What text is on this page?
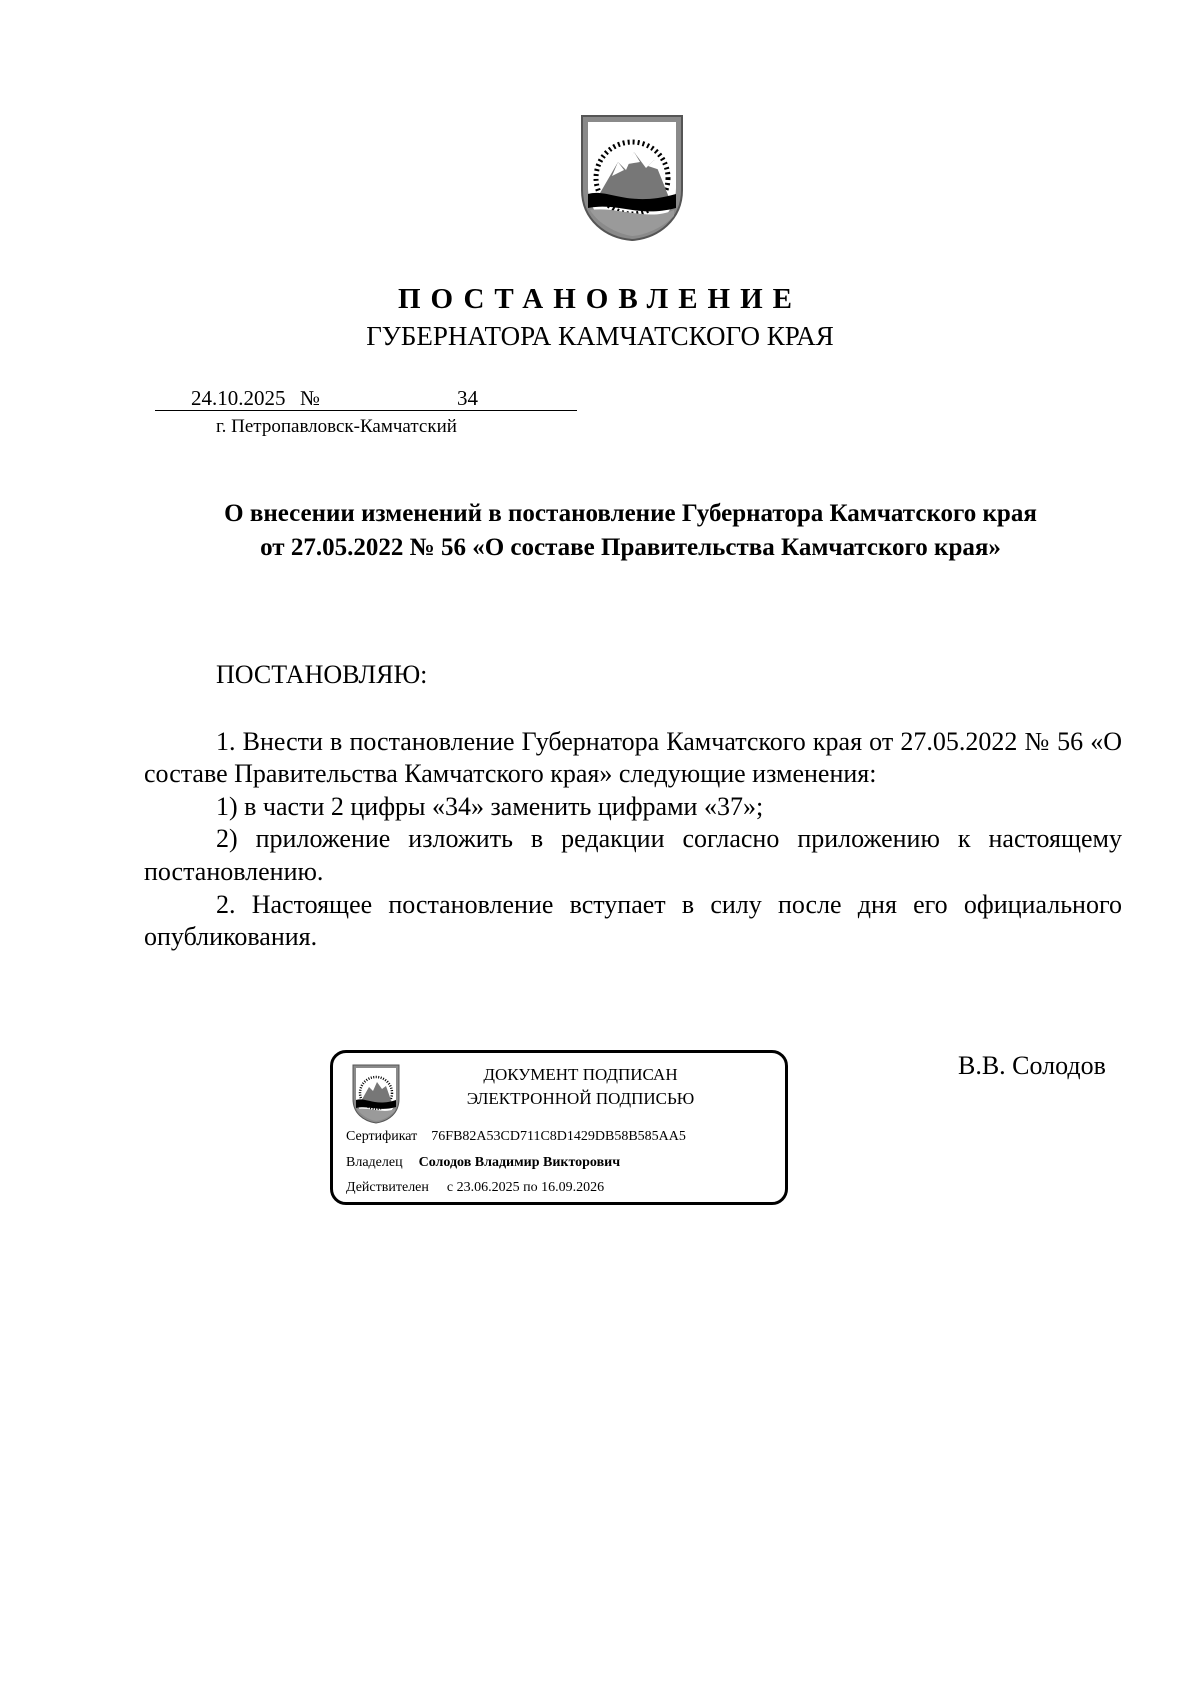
ПОСТАНОВЛЕНИЕ
ГУБЕРНАТОРА КАМЧАТСКОГО КРАЯ
24.10.2025 №	34
г. Петропавловск-Камчатский
О внесении изменений в постановление Губернатора Камчатского края
от 27.05.2022 № 56 «О составе Правительства Камчатского края»

ПОСТАНОВЛЯЮ:

1. Внести в постановление Губернатора Камчатского края от 27.05.2022 № 56 «О составе Правительства Камчатского края» следующие изменения:

1) в части 2 цифры «34» заменить цифрами «37»;

2) приложение изложить в редакции согласно приложению к настоящему постановлению.

2. Настоящее постановление вступает в силу после дня его официального опубликования.

ДОКУМЕНТ ПОДПИСАН
ЭЛЕКТРОННОЙ ПОДПИСЬЮ
Сертификат 76FB82A53CD711C8D1429DB58B585AA5
Владелец Солодов Владимир Викторович
Действителен с 23.06.2025 по 16.09.2026
В.В. Солодов
